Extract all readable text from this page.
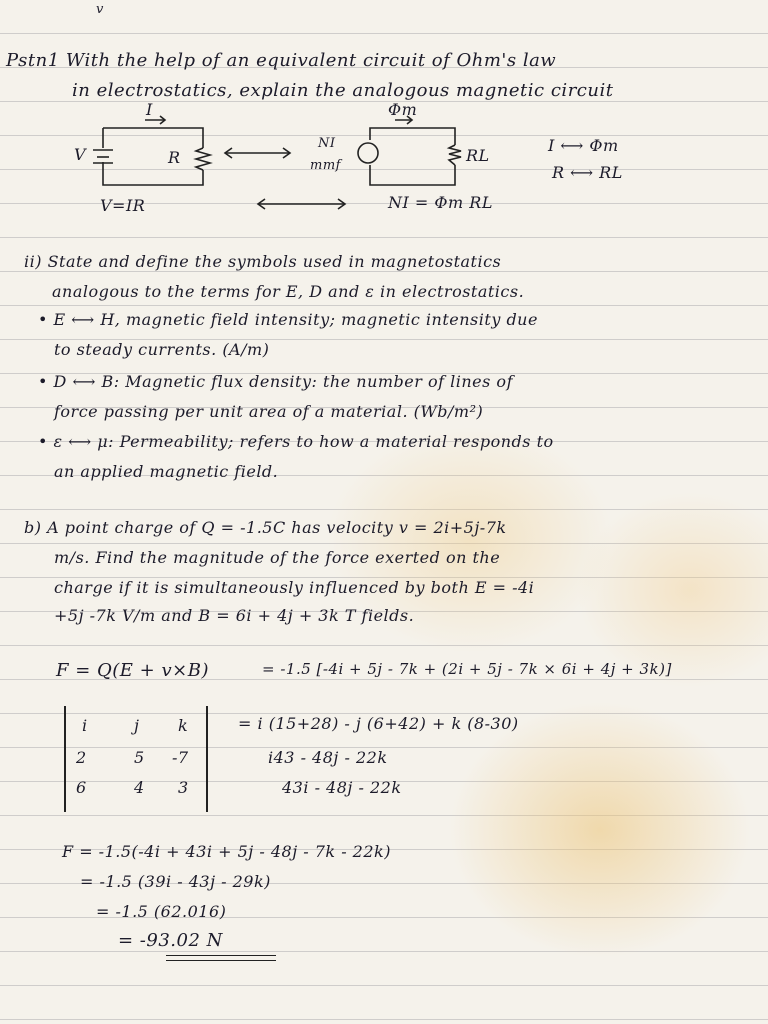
v
Pstn1 With the help of an equivalent circuit of Ohm's law
in electrostatics, explain the analogous magnetic circuit
I
V	R
Φm
NI
mmf
RL
I ⟷ Φm
R ⟷ RL
V=IR	NI = Φm RL
ii) State and define the symbols used in magnetostatics
analogous to the terms for E, D and ε in electrostatics.
• E ⟷ H, magnetic field intensity; magnetic intensity due
to steady currents. (A/m)
• D ⟷ B: Magnetic flux density: the number of lines of
force passing per unit area of a material. (Wb/m²)
• ε ⟷ μ: Permeability; refers to how a material responds to
an applied magnetic field.
b) A point charge of Q = -1.5C has velocity v = 2i+5j-7k
m/s. Find the magnitude of the force exerted on the
charge if it is simultaneously influenced by both E = -4i
+5j -7k V/m and B = 6i + 4j + 3k T fields.
F = Q(E + v×B)	= -1.5 [-4i + 5j - 7k + (2i + 5j - 7k × 6i + 4j + 3k)]
i	j k
2	5 -7
6	4 3
= i (15+28) - j (6+42) + k (8-30)
i43 - 48j - 22k
43i - 48j - 22k
F = -1.5(-4i + 43i + 5j - 48j - 7k - 22k)
= -1.5 (39i - 43j - 29k)
= -1.5 (62.016)
= -93.02 N
